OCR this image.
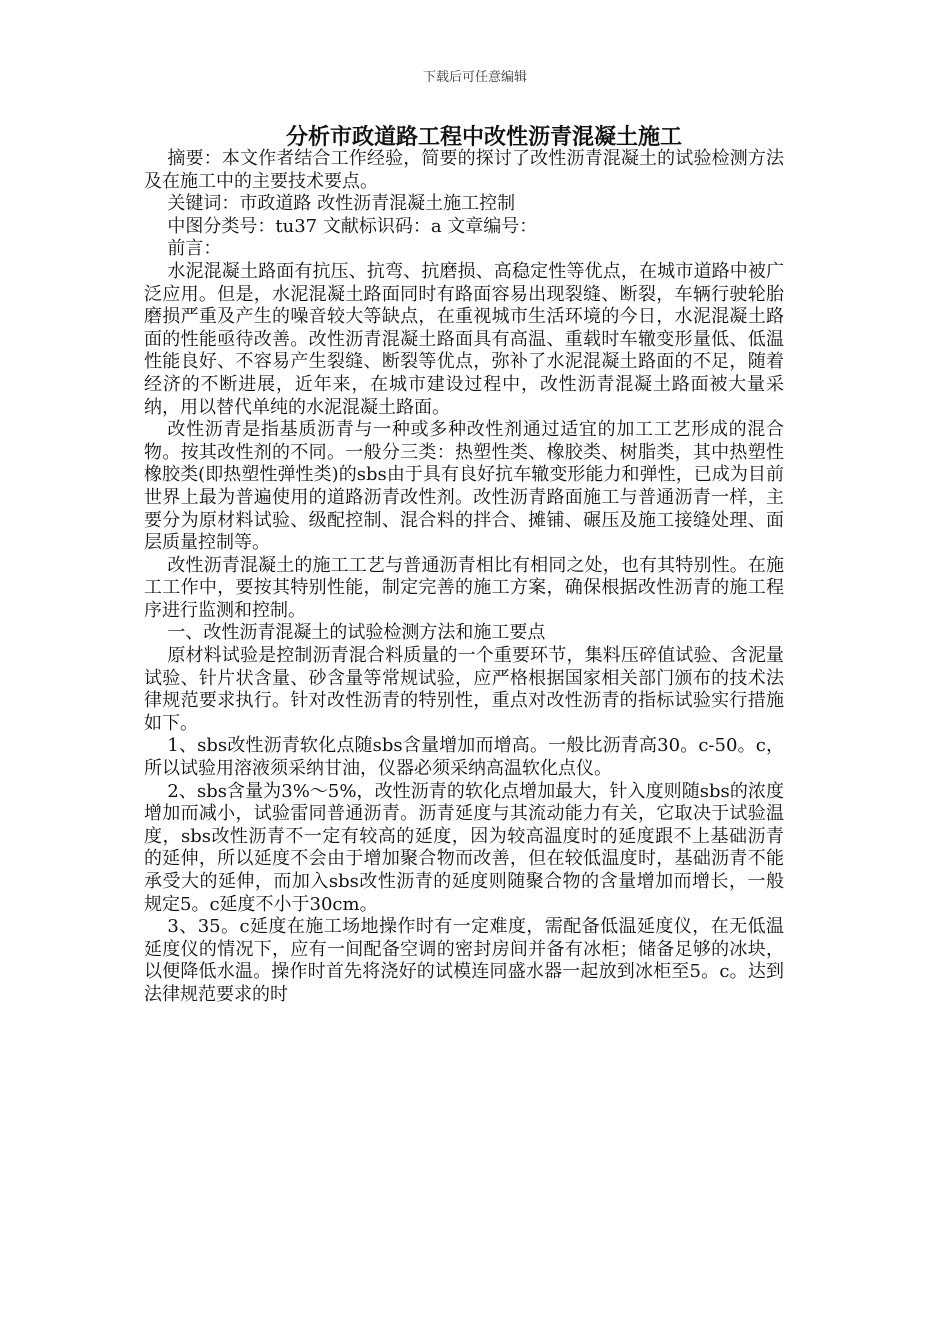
下载后可任意编辑
分析市政道路工程中改性沥青混凝土施工

摘要：本文作者结合工作经验，简要的探讨了改性沥青混凝土的试验检测方法及在施工中的主要技术要点。

关键词：市政道路 改性沥青混凝土施工控制

中图分类号：tu37 文献标识码：a 文章编号：

前言：

水泥混凝土路面有抗压、抗弯、抗磨损、高稳定性等优点，在城市道路中被广泛应用。但是，水泥混凝土路面同时有路面容易出现裂缝、断裂，车辆行驶轮胎磨损严重及产生的噪音较大等缺点，在重视城市生活环境的今日，水泥混凝土路面的性能亟待改善。改性沥青混凝土路面具有高温、重载时车辙变形量低、低温性能良好、不容易产生裂缝、断裂等优点，弥补了水泥混凝土路面的不足，随着经济的不断进展，近年来，在城市建设过程中，改性沥青混凝土路面被大量采纳，用以替代单纯的水泥混凝土路面。

改性沥青是指基质沥青与一种或多种改性剂通过适宜的加工工艺形成的混合物。按其改性剂的不同。一般分三类：热塑性类、橡胶类、树脂类，其中热塑性橡胶类(即热塑性弹性类)的sbs由于具有良好抗车辙变形能力和弹性，已成为目前世界上最为普遍使用的道路沥青改性剂。改性沥青路面施工与普通沥青一样，主要分为原材料试验、级配控制、混合料的拌合、摊铺、碾压及施工接缝处理、面层质量控制等。

改性沥青混凝土的施工工艺与普通沥青相比有相同之处，也有其特别性。在施工工作中，要按其特别性能，制定完善的施工方案，确保根据改性沥青的施工程序进行监测和控制。

一、改性沥青混凝土的试验检测方法和施工要点

原材料试验是控制沥青混合料质量的一个重要环节，集料压碎值试验、含泥量试验、针片状含量、砂含量等常规试验，应严格根据国家相关部门颁布的技术法律规范要求执行。针对改性沥青的特别性，重点对改性沥青的指标试验实行措施如下。

1、sbs改性沥青软化点随sbs含量增加而增高。一般比沥青高30。c-50。c，所以试验用溶液须采纳甘油，仪器必须采纳高温软化点仪。

2、sbs含量为3%～5%，改性沥青的软化点增加最大，针入度则随sbs的浓度增加而减小，试验雷同普通沥青。沥青延度与其流动能力有关，它取决于试验温度，sbs改性沥青不一定有较高的延度，因为较高温度时的延度跟不上基础沥青的延伸，所以延度不会由于增加聚合物而改善，但在较低温度时，基础沥青不能承受大的延伸，而加入sbs改性沥青的延度则随聚合物的含量增加而增长，一般规定5。c延度不小于30cm。

3、35。c延度在施工场地操作时有一定难度，需配备低温延度仪，在无低温延度仪的情况下，应有一间配备空调的密封房间并备有冰柜；储备足够的冰块，以便降低水温。操作时首先将浇好的试模连同盛水器一起放到冰柜至5。c。达到法律规范要求的时
